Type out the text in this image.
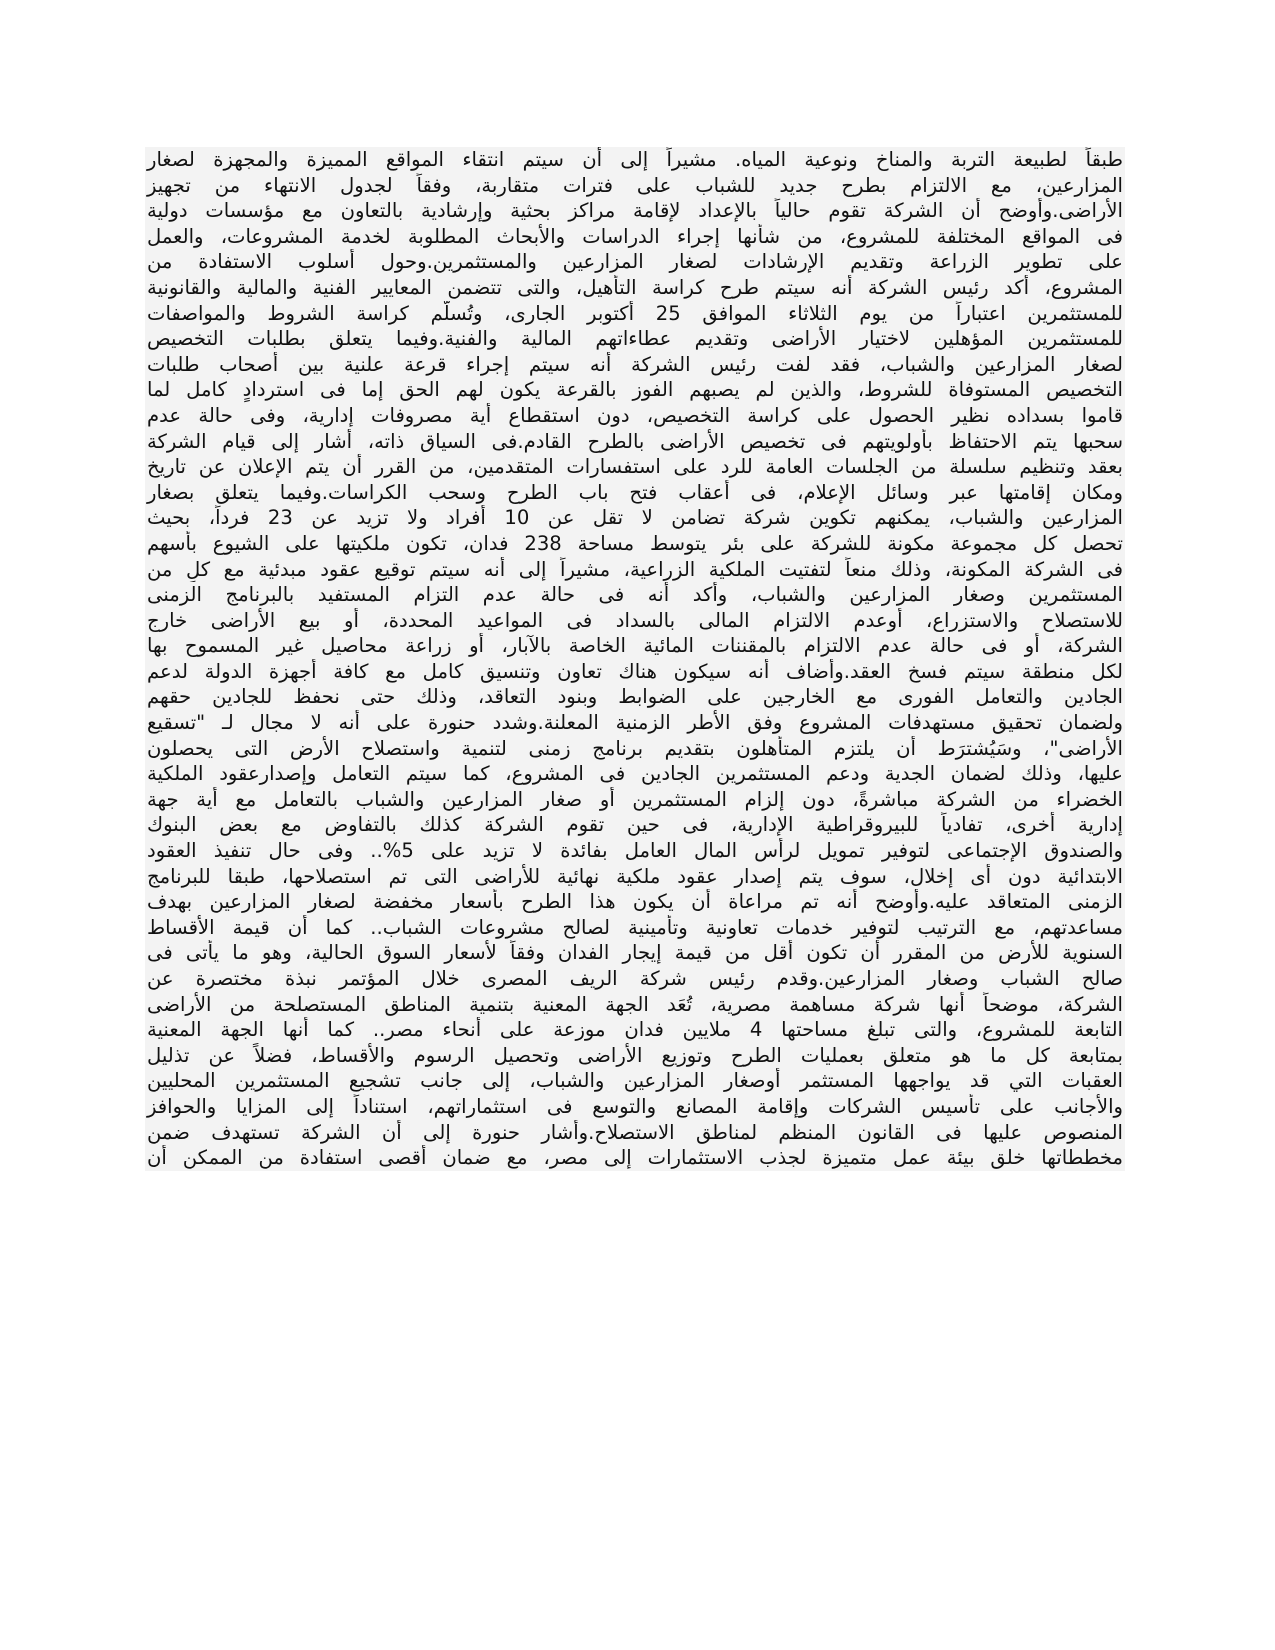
طبقاً لطبيعة التربة والمناخ ونوعية المياه. مشيراً إلى أن سيتم انتقاء المواقع المميزة والمجهزة لصغار
المزارعين، مع الالتزام بطرح جديد للشباب على فترات متقاربة، وفقاً لجدول الانتهاء من تجهيز
الأراضى.وأوضح أن الشركة تقوم حالياً بالإعداد لإقامة مراكز بحثية وإرشادية بالتعاون مع مؤسسات دولية
فى المواقع المختلفة للمشروع، من شأنها إجراء الدراسات والأبحاث المطلوبة لخدمة المشروعات، والعمل
على تطوير الزراعة وتقديم الإرشادات لصغار المزارعين والمستثمرين.وحول أسلوب الاستفادة من
المشروع، أكد رئيس الشركة أنه سيتم طرح كراسة التأهيل، والتى تتضمن المعايير الفنية والمالية والقانونية
للمستثمرين اعتباراً من يوم الثلاثاء الموافق 25 أكتوبر الجارى، وتُسلّم كراسة الشروط والمواصفات
للمستثمرين المؤهلين لاختيار الأراضى وتقديم عطاءاتهم المالية والفنية.وفيما يتعلق بطلبات التخصيص
لصغار المزارعين والشباب، فقد لفت رئيس الشركة أنه سيتم إجراء قرعة علنية بين أصحاب طلبات
التخصيص المستوفاة للشروط، والذين لم يصبهم الفوز بالقرعة يكون لهم الحق إما فى استردادٍ كامل لما
قاموا بسداده نظير الحصول على كراسة التخصيص، دون استقطاع أية مصروفات إدارية، وفى حالة عدم
سحبها يتم الاحتفاظ بأولويتهم فى تخصيص الأراضى بالطرح القادم.فى السياق ذاته، أشار إلى قيام الشركة
بعقد وتنظيم سلسلة من الجلسات العامة للرد على استفسارات المتقدمين، من القرر أن يتم الإعلان عن تاريخ
ومكان إقامتها عبر وسائل الإعلام، فى أعقاب فتح باب الطرح وسحب الكراسات.وفيما يتعلق بصغار
المزارعين والشباب، يمكنهم تكوين شركة تضامن لا تقل عن 10 أفراد ولا تزيد عن 23 فرداً، بحيث
تحصل كل مجموعة مكونة للشركة على بئر يتوسط مساحة 238 فدان، تكون ملكيتها على الشيوع بأسهم
فى الشركة المكونة، وذلك منعاً لتفتيت الملكية الزراعية، مشيراً إلى أنه سيتم توقيع عقود مبدئية مع كلٍ من
المستثمرين وصغار المزارعين والشباب، وأكد أنه فى حالة عدم التزام المستفيد بالبرنامج الزمنى
للاستصلاح والاستزراع، أوعدم الالتزام المالى بالسداد فى المواعيد المحددة، أو بيع الأراضى خارج
الشركة، أو فى حالة عدم الالتزام بالمقننات المائية الخاصة بالآبار، أو زراعة محاصيل غير المسموح بها
لكل منطقة سيتم فسخ العقد.وأضاف أنه سيكون هناك تعاون وتنسيق كامل مع كافة أجهزة الدولة لدعم
الجادين والتعامل الفورى مع الخارجين على الضوابط وبنود التعاقد، وذلك حتى نحفظ للجادين حقهم
ولضمان تحقيق مستهدفات المشروع وفق الأطر الزمنية المعلنة.وشدد حنورة على أنه لا مجال لـ "تسقيع
الأراضى"، وسَيُشترَط أن يلتزم المتأهلون بتقديم برنامج زمنى لتنمية واستصلاح الأرض التى يحصلون
عليها، وذلك لضمان الجدية ودعم المستثمرين الجادين فى المشروع، كما سيتم التعامل وإصدارعقود الملكية
الخضراء من الشركة مباشرةً، دون إلزام المستثمرين أو صغار المزارعين والشباب بالتعامل مع أية جهة
إدارية أخرى، تفادياً للبيروقراطية الإدارية، فى حين تقوم الشركة كذلك بالتفاوض مع بعض البنوك
والصندوق الإجتماعى لتوفير تمويل لرأس المال العامل بفائدة لا تزيد على 5%.. وفى حال تنفيذ العقود
الابتدائية دون أى إخلال، سوف يتم إصدار عقود ملكية نهائية للأراضى التى تم استصلاحها، طبقا للبرنامج
الزمنى المتعاقد عليه.وأوضح أنه تم مراعاة أن يكون هذا الطرح بأسعار مخفضة لصغار المزارعين بهدف
مساعدتهم، مع الترتيب لتوفير خدمات تعاونية وتأمينية لصالح مشروعات الشباب.. كما أن قيمة الأقساط
السنوية للأرض من المقرر أن تكون أقل من قيمة إيجار الفدان وفقاً لأسعار السوق الحالية، وهو ما يأتى فى
صالح الشباب وصغار المزارعين.وقدم رئيس شركة الريف المصرى خلال المؤتمر نبذة مختصرة عن
الشركة، موضحاً أنها شركة مساهمة مصرية، تُعَد الجهة المعنية بتنمية المناطق المستصلحة من الأراضى
التابعة للمشروع، والتى تبلغ مساحتها 4 ملايين فدان موزعة على أنحاء مصر.. كما أنها الجهة المعنية
بمتابعة كل ما هو متعلق بعمليات الطرح وتوزيع الأراضى وتحصيل الرسوم والأقساط، فضلاً عن تذليل
العقبات التي قد يواجهها المستثمر أوصغار المزارعين والشباب، إلى جانب تشجيع المستثمرين المحليين
والأجانب على تأسيس الشركات وإقامة المصانع والتوسع فى استثماراتهم، استناداً إلى المزايا والحوافز
المنصوص عليها فى القانون المنظم لمناطق الاستصلاح.وأشار حنورة إلى أن الشركة تستهدف ضمن
مخططاتها خلق بيئة عمل متميزة لجذب الاستثمارات إلى مصر، مع ضمان أقصى استفادة من الممكن أن
